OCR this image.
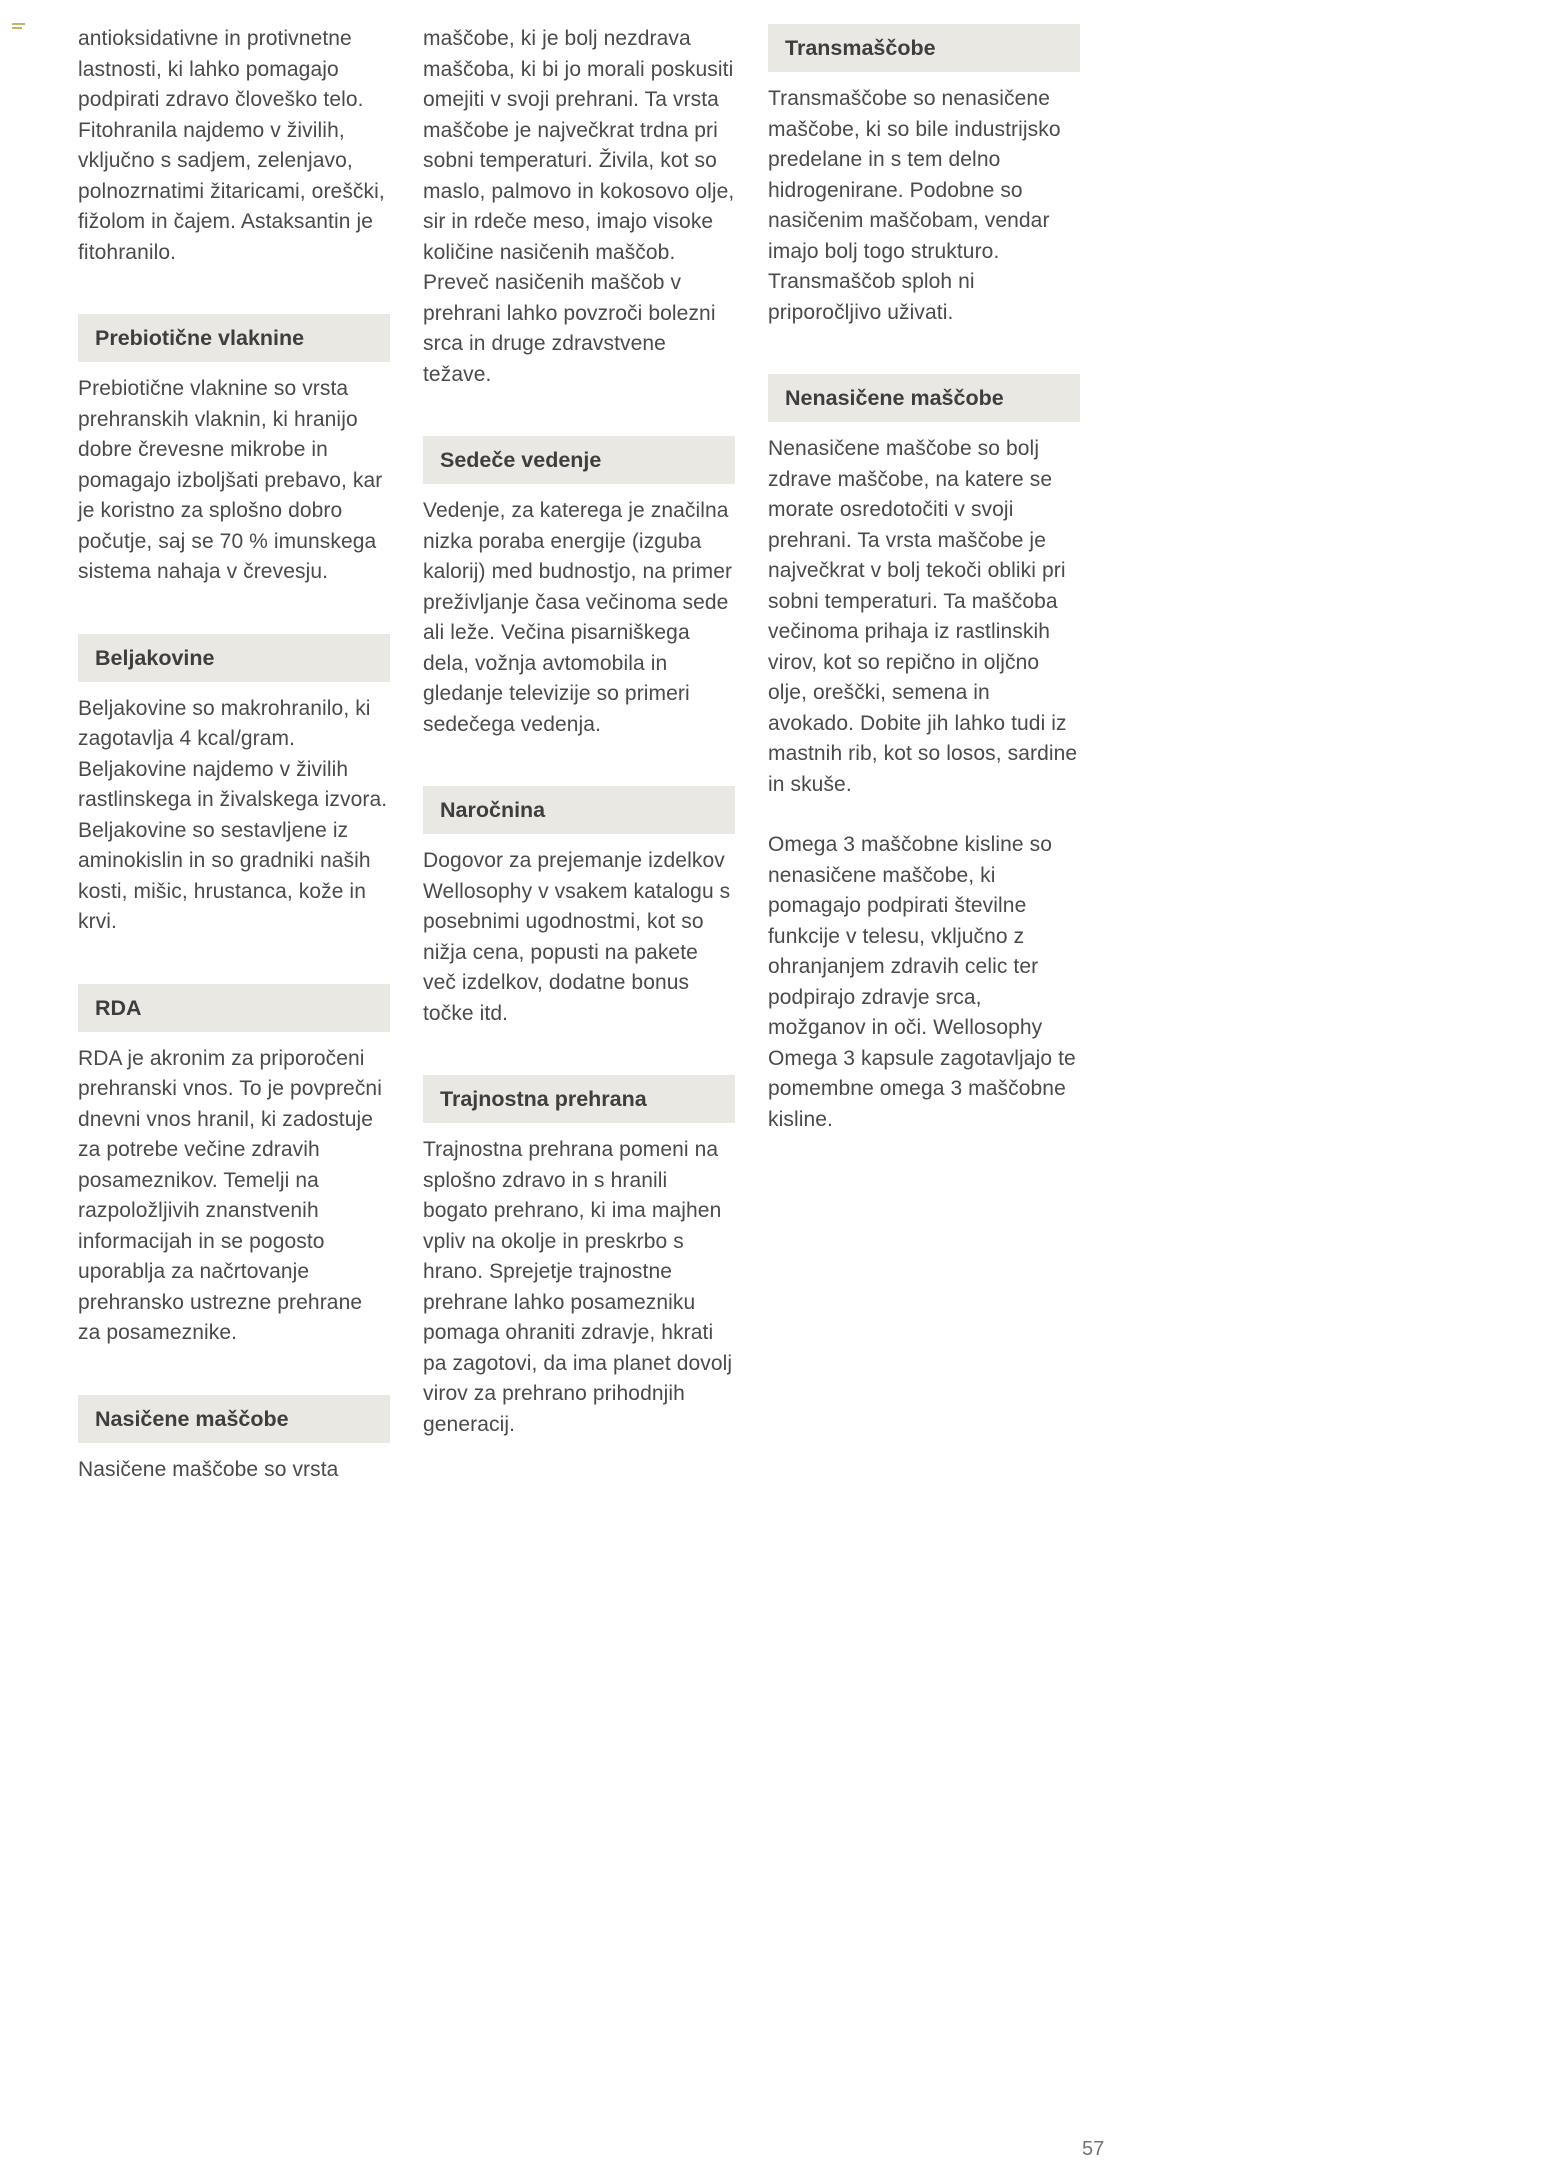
antioksidativne in protivnetne lastnosti, ki lahko pomagajo podpirati zdravo človeško telo. Fitohranila najdemo v živilih, vključno s sadjem, zelenjavo, polnozrnatimi žitaricami, oreščki, fižolom in čajem. Astaksantin je fitohranilo.

Prebiotične vlaknine

Prebiotične vlaknine so vrsta prehranskih vlaknin, ki hranijo dobre črevesne mikrobe in pomagajo izboljšati prebavo, kar je koristno za splošno dobro počutje, saj se 70 % imunskega sistema nahaja v črevesju.

Beljakovine

Beljakovine so makrohranilo, ki zagotavlja 4 kcal/gram. Beljakovine najdemo v živilih rastlinskega in živalskega izvora. Beljakovine so sestavljene iz aminokislin in so gradniki naših kosti, mišic, hrustanca, kože in krvi.

RDA

RDA je akronim za priporočeni prehranski vnos. To je povprečni dnevni vnos hranil, ki zadostuje za potrebe večine zdravih posameznikov. Temelji na razpoložljivih znanstvenih informacijah in se pogosto uporablja za načrtovanje prehransko ustrezne prehrane za posameznike.

Nasičene maščobe

Nasičene maščobe so vrsta

maščobe, ki je bolj nezdrava maščoba, ki bi jo morali poskusiti omejiti v svoji prehrani. Ta vrsta maščobe je največkrat trdna pri sobni temperaturi. Živila, kot so maslo, palmovo in kokosovo olje, sir in rdeče meso, imajo visoke količine nasičenih maščob. Preveč nasičenih maščob v prehrani lahko povzroči bolezni srca in druge zdravstvene težave.

Sedeče vedenje

Vedenje, za katerega je značilna nizka poraba energije (izguba kalorij) med budnostjo, na primer preživljanje časa večinoma sede ali leže. Večina pisarniškega dela, vožnja avtomobila in gledanje televizije so primeri sedečega vedenja.

Naročnina

Dogovor za prejemanje izdelkov Wellosophy v vsakem katalogu s posebnimi ugodnostmi, kot so nižja cena, popusti na pakete več izdelkov, dodatne bonus točke itd.

Trajnostna prehrana

Trajnostna prehrana pomeni na splošno zdravo in s hranili bogato prehrano, ki ima majhen vpliv na okolje in preskrbo s hrano. Sprejetje trajnostne prehrane lahko posamezniku pomaga ohraniti zdravje, hkrati pa zagotovi, da ima planet dovolj virov za prehrano prihodnjih generacij.

Transmaščobe

Transmaščobe so nenasičene maščobe, ki so bile industrijsko predelane in s tem delno hidrogenirane. Podobne so nasičenim maščobam, vendar imajo bolj togo strukturo. Transmaščob sploh ni priporočljivo uživati.

Nenasičene maščobe

Nenasičene maščobe so bolj zdrave maščobe, na katere se morate osredotočiti v svoji prehrani. Ta vrsta maščobe je največkrat v bolj tekoči obliki pri sobni temperaturi. Ta maščoba večinoma prihaja iz rastlinskih virov, kot so repično in oljčno olje, oreščki, semena in avokado. Dobite jih lahko tudi iz mastnih rib, kot so losos, sardine in skuše.

Omega 3 maščobne kisline so nenasičene maščobe, ki pomagajo podpirati številne funkcije v telesu, vključno z ohranjanjem zdravih celic ter podpirajo zdravje srca, možganov in oči. Wellosophy Omega 3 kapsule zagotavljajo te pomembne omega 3 maščobne kisline.

57
